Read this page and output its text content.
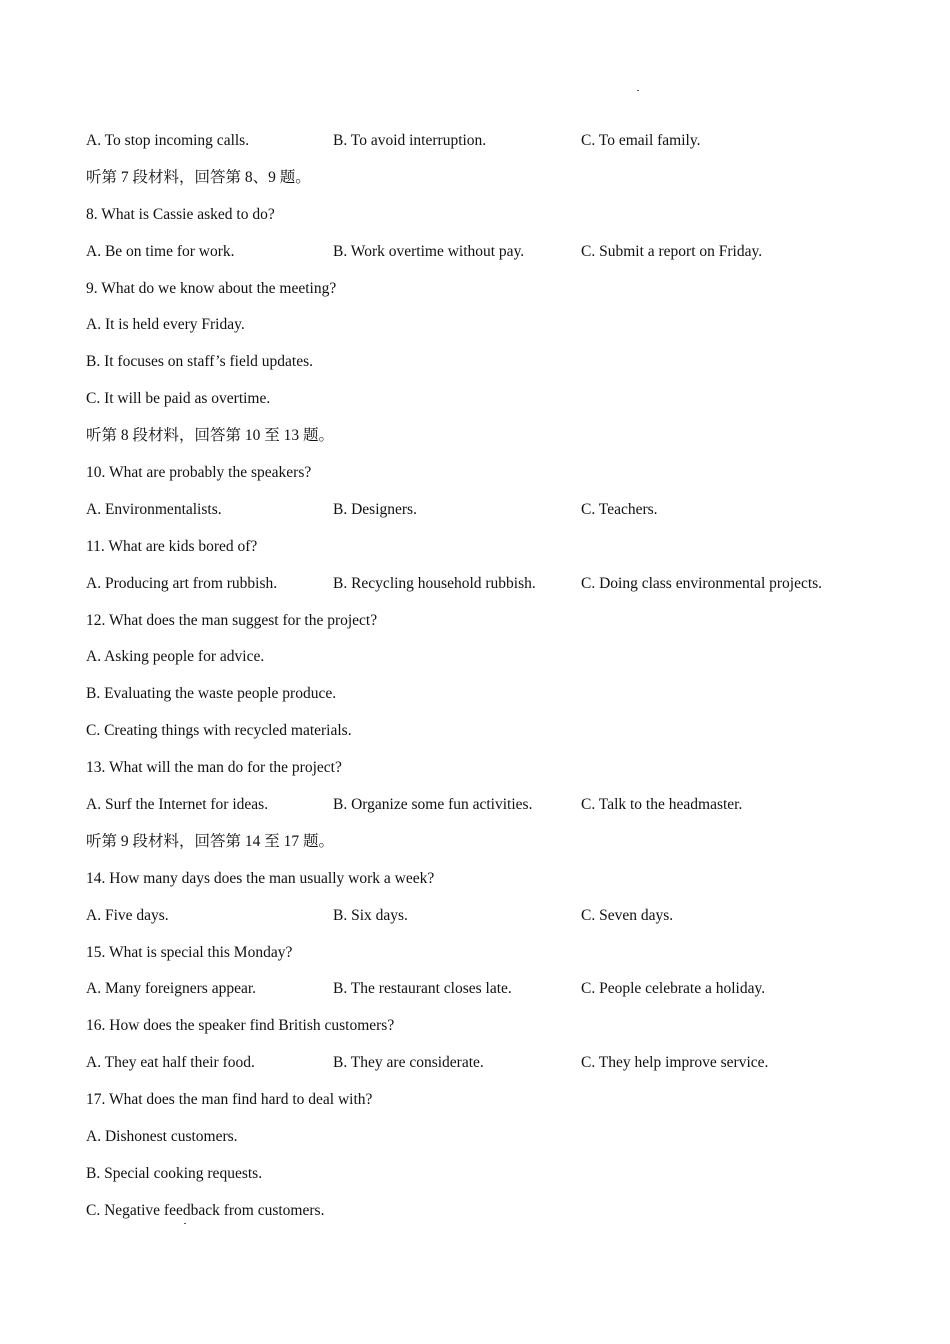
A. To stop incoming calls.	B. To avoid interruption.	C. To email family.
听第 7 段材料，回答第 8、9 题。
8. What is Cassie asked to do?
A. Be on time for work.	B. Work overtime without pay.	C. Submit a report on Friday.
9. What do we know about the meeting?
A. It is held every Friday.
B. It focuses on staff’s field updates.
C. It will be paid as overtime.
听第 8 段材料，回答第 10 至 13 题。
10. What are probably the speakers?
A. Environmentalists.	B. Designers.	C. Teachers.
11. What are kids bored of?
A. Producing art from rubbish.	B. Recycling household rubbish.	C. Doing class environmental projects.
12. What does the man suggest for the project?
A. Asking people for advice.
B. Evaluating the waste people produce.
C. Creating things with recycled materials.
13. What will the man do for the project?
A. Surf the Internet for ideas.	B. Organize some fun activities.	C. Talk to the headmaster.
听第 9 段材料，回答第 14 至 17 题。
14. How many days does the man usually work a week?
A. Five days.	B. Six days.	C. Seven days.
15. What is special this Monday?
A. Many foreigners appear.	B. The restaurant closes late.	C. People celebrate a holiday.
16. How does the speaker find British customers?
A. They eat half their food.	B. They are considerate.	C. They help improve service.
17. What does the man find hard to deal with?
A. Dishonest customers.
B. Special cooking requests.
C. Negative feedback from customers.
